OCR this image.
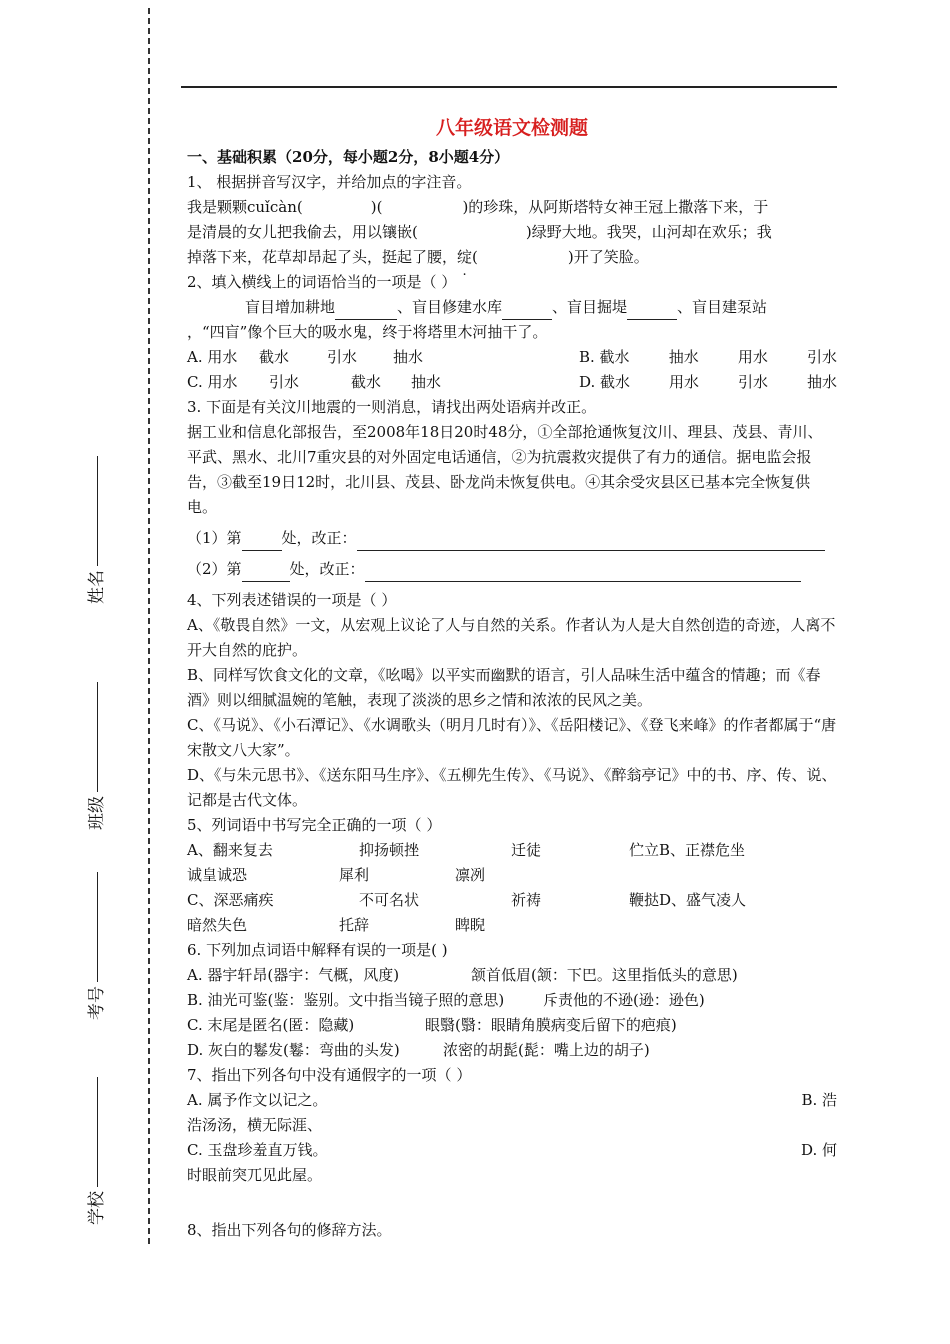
姓名
班级
考号
学校
八年级语文检测题

一、基础积累（20分，每小题2分，8小题4分）

1、 根据拼音写汉字，并给加点的字注音。

我是颗颗cuǐcàn(	)(	)的珍珠，从阿斯塔特女神王冠上撒落下来，于

是清晨的女儿把我偷去，用以镶嵌(	)绿野大地。我哭，山河却在欢乐；我

掉落下来，花草却昂起了头，挺起了腰，绽(	)开了笑脸。

2、填入横线上的词语恰当的一项是（ ）

盲目增加耕地	、盲目修建水库	、盲目掘堤	、盲目建泵站

，“四盲”像个巨大的吸水鬼，终于将塔里木河抽干了。

A. 用水	截水	引水	抽水	B. 截水	抽水	用水	引水
C. 用水	引水	截水	抽水	D. 截水	用水	引水	抽水

3. 下面是有关汶川地震的一则消息，请找出两处语病并改正。

据工业和信息化部报告，至2008年18日20时48分，①全部抢通恢复汶川、理县、茂县、青川、平武、黑水、北川7重灾县的对外固定电话通信，②为抗震救灾提供了有力的通信。据电监会报告，③截至19日12时，北川县、茂县、卧龙尚未恢复供电。④其余受灾县区已基本完全恢复供电。

（1）第	处，改正：

（2）第	处，改正：

4、下列表述错误的一项是（ ）

A、《敬畏自然》一文，从宏观上议论了人与自然的关系。作者认为人是大自然创造的奇迹，人离不开大自然的庇护。

B、同样写饮食文化的文章，《吆喝》以平实而幽默的语言，引人品味生活中蕴含的情趣；而《春酒》则以细腻温婉的笔触，表现了淡淡的思乡之情和浓浓的民风之美。

C、《马说》、《小石潭记》、《水调歌头（明月几时有）》、《岳阳楼记》、《登飞来峰》的作者都属于“唐宋散文八大家”。

D、《与朱元思书》、《送东阳马生序》、《五柳先生传》、《马说》、《醉翁亭记》中的书、序、传、说、记都是古代文体。

5、列词语中书写完全正确的一项（ ）

A、翻来复去	抑扬顿挫	迁徒	伫立B、正襟危坐
诚皇诚恐	犀利	凛冽
C、深恶痛疾	不可名状	祈祷	鞭挞D、盛气凌人
暗然失色	托辞	睥睨

6. 下列加点词语中解释有误的一项是( )

A. 器宇轩昂(器宇：气概，风度)	颔首低眉(颔：下巴。这里指低头的意思)
B. 油光可鉴(鉴：鉴别。文中指当镜子照的意思)	斥责他的不逊(逊：逊色)
C. 末尾是匿名(匿：隐藏)	眼翳(翳：眼睛角膜病变后留下的疤痕)
D. 灰白的鬈发(鬈：弯曲的头发)	浓密的胡髭(髭：嘴上边的胡子)

7、指出下列各句中没有通假字的一项（ ）

A. 属予作文以记之。	B. 浩

浩汤汤，横无际涯、

C. 玉盘珍羞直万钱。	D. 何

时眼前突兀见此屋。

8、指出下列各句的修辞方法。
